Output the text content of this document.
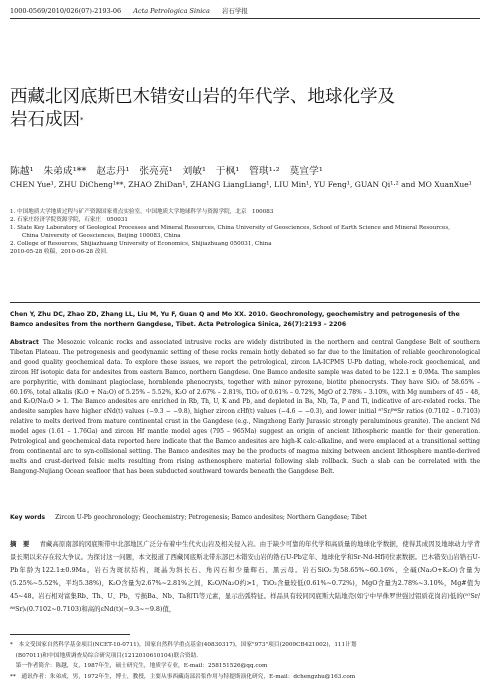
1000-0569/2010/026(07)-2193-06 Acta Petrologica Sinica 岩石学报
西藏北冈底斯巴木错安山岩的年代学、地球化学及
岩石成因*
陈越¹　朱弟成¹**　赵志丹¹　张亮亮¹　刘敏¹　于枫¹　管琪¹·²　莫宣学¹
CHEN Yue¹, ZHU DiCheng¹**, ZHAO ZhiDan¹, ZHANG LiangLiang¹, LIU Min¹, YU Feng¹, GUAN Qi¹·² and MO XuanXue¹
1. 中国地质大学地质过程与矿产资源国家重点实验室，中国地质大学地球科学与资源学院，北京　100083
2. 石家庄经济学院资源学院，石家庄　050031
1. State Key Laboratory of Geological Processes and Mineral Resources, China University of Geosciences, School of Earth Science and Mineral Resources,
China University of Geosciences, Beijing 100083, China
2. College of Resources, Shijiazhuang University of Economics, Shijiazhuang 050031, China
2010-05-28 收稿，2010-06-28 改回.
Chen Y, Zhu DC, Zhao ZD, Zhang LL, Liu M, Yu F, Guan Q and Mo XX. 2010. Geochronology, geochemistry and petrogenesis of the Bamco andesites from the northern Gangdese, Tibet. Acta Petrologica Sinica, 26(7):2193 – 2206
Abstract The Mesozoic volcanic rocks and associated intrusive rocks are widely distributed in the northern and central Gangdese Belt of southern Tibetan Plateau. The petrogenesis and geodynamic setting of these rocks remain hotly debated so far due to the limitation of reliable geochronological and good quality geochemical data. To explore these issues, we report the petrological, zircon LA-ICPMS U-Pb dating, whole-rock geochemical, and zircon Hf isotopic data for andesites from eastern Bamco, northern Gangdese. One Bamco andesite sample was dated to be 122.1 ± 0.9Ma. The samples are porphyritic, with dominant plagioclase, hornblende phenocrysts, together with minor pyroxene, biotite phenocrysts. They have SiO₂ of 58.65% – 60.16%, total alkalis (K₂O + Na₂O) of 5.25% – 5.52%, K₂O of 2.67% – 2.81%, TiO₂ of 0.61% – 0.72%, MgO of 2.78% – 3.10%, with Mg numbers of 45 – 48, and K₂O/Na₂O > 1. The Bamco andesites are enriched in Rb, Th, U, K and Pb, and depleted in Ba, Nb, Ta, P and Ti, indicative of arc-related rocks. The andesite samples have higher εNd(t) values (−9.3 − −9.8), higher zircon εHf(t) values (−4.6 − −0.3), and lower initial ⁸⁷Sr/⁸⁶Sr ratios (0.7102 – 0.7103) relative to melts derived from mature continental crust in the Gangdese (e.g., Ningzhong Early Jurassic strongly peraluminous granite). The ancient Nd model ages (1.61 – 1.76Ga) and zircon Hf mantle model ages (795 – 965Ma) suggest an origin of ancient lithospheric mantle for their generation. Petrological and geochemical data reported here indicate that the Bamco andesites are high-K calc-alkaline, and were emplaced at a transitional setting from continental arc to syn-collisional setting. The Bamco andesites may be the products of magma mixing between ancient lithosphere mantle-derived melts and crust-derived felsic melts resulting from rising asthenosphere material following slab rollback. Such a slab can be correlated with the Bangong-Nujiang Ocean seafloor that has been subducted southward towards beneath the Gangdese Belt.
Key words Zircon U-Pb geochronology; Geochemistry; Petrogenesis; Bamco andesites; Northern Gangdese; Tibet
摘　要 青藏高原南部的冈底斯带中北部地区广泛分布着中生代火山岩及相关侵入岩。由于缺少可靠的年代学和高质量的地球化学数据，使得其成因及地球动力学背景长期以来存在较大争议。为探讨这一问题，本文报道了西藏冈底斯北带东部巴木错安山岩的锆石U-Pb定年、地球化学和Sr-Nd-Hf同位素数据。巴木错安山岩锆石U-Pb年龄为122.1±0.9Ma。岩石为斑状结构，斑晶为斜长石、角闪石和少量辉石、黑云母。岩石SiO₂为58.65%~60.16%，全碱(Na₂O+K₂O)含量为(5.25%~5.52%，平均5.38%)，K₂O含量为2.67%~2.81%之间，K₂O/Na₂O约>1，TiO₂含量较低(0.61%~0.72%)，MgO含量为2.78%~3.10%，Mg#值为45~48。岩石相对富集Rb、Th、U、Pb，亏损Ba、Nb、Ta和Ti等元素，显示出弧特征。样品具有较同冈底斯大陆地壳(如宁中早侏罗世强过铝质花岗岩)低的(⁸⁷Sr/⁸⁶Sr)ᵢ(0.7102~0.7103)和高的εNd(t)(−9.3~−9.8)值，
*　本文受国家自然科学基金项目(NCET-10-0711)，国家自然科学重点基金(40830317)，国家"973"项目(2009CB421002)，111计划
　(B07011)和中国地质调查局综合研究项目(1212010610104)联合资助.
　第一作者简介：陈越，女，1987年生，硕士研究生，地质学专业，E-mail：258151526@qq.com
**　通讯作者：朱弟成，男，1972年生，博士，教授，主要从事西藏南部岩浆作用与特提斯演化研究，E-mail：dchengzhu@163.com
